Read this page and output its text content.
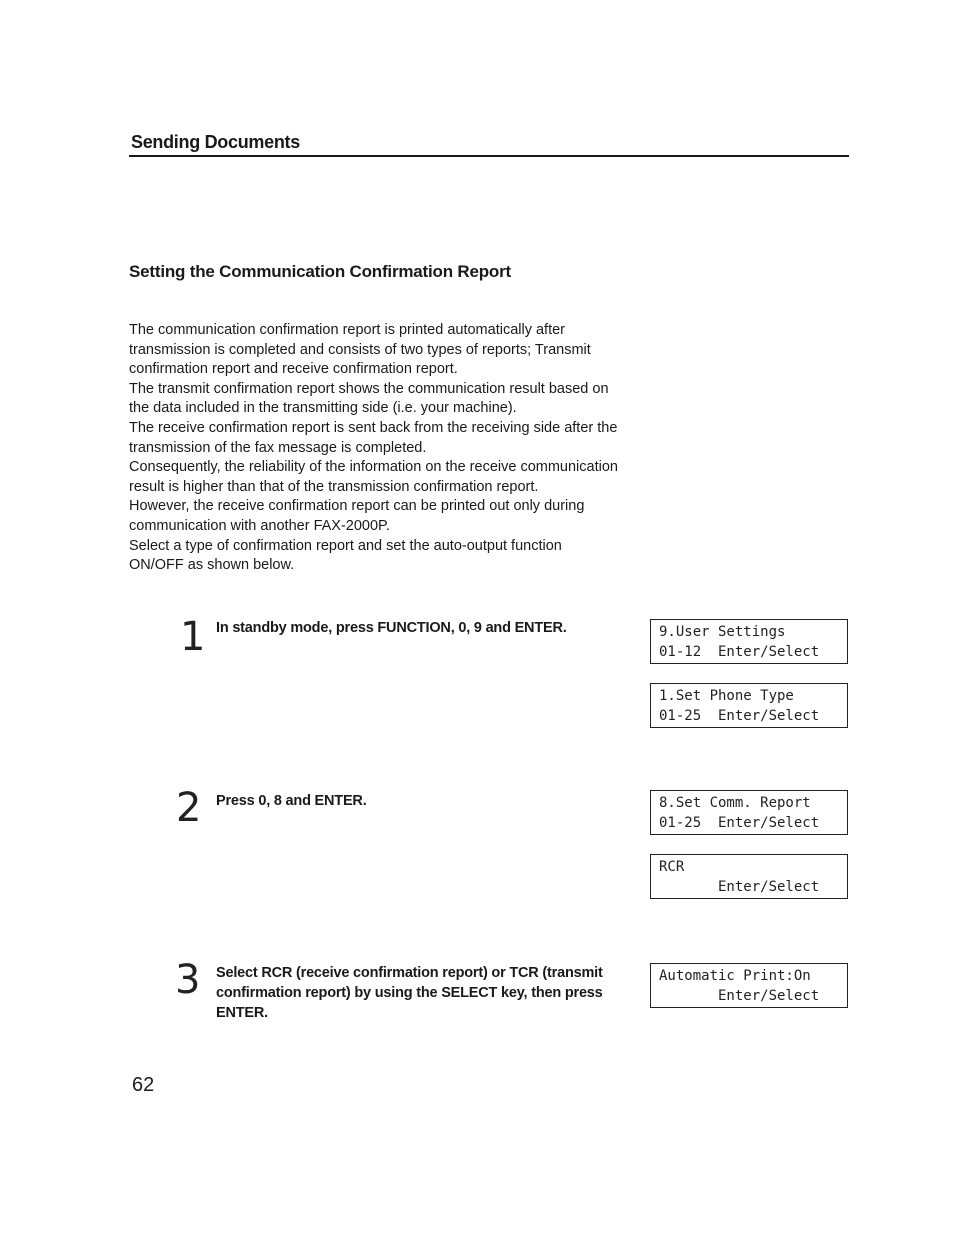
Sending Documents
Setting the Communication Confirmation Report

The communication confirmation report is printed automatically after transmission is completed and consists of two types of reports; Transmit confirmation report and receive confirmation report.

The transmit confirmation report shows the communication result based on the data included in the transmitting side (i.e. your machine).

The receive confirmation report is sent back from the receiving side after the transmission of the fax message is completed.

Consequently, the reliability of the information on the receive communication result is higher than that of the transmission confirmation report.

However, the receive confirmation report can be printed out only during communication with another FAX-2000P.

Select a type of confirmation report and set the auto-output function ON/OFF as shown below.

1 In standby mode, press FUNCTION, 0, 9 and ENTER.
2 Press 0, 8 and ENTER.
3 Select RCR (receive confirmation report) or TCR (transmit confirmation report) by using the SELECT key, then press ENTER.
9.User Settings
01-12  Enter/Select
1.Set Phone Type
01-25  Enter/Select
8.Set Comm. Report
01-25  Enter/Select
RCR
Enter/Select
Automatic Print:On
Enter/Select
62
